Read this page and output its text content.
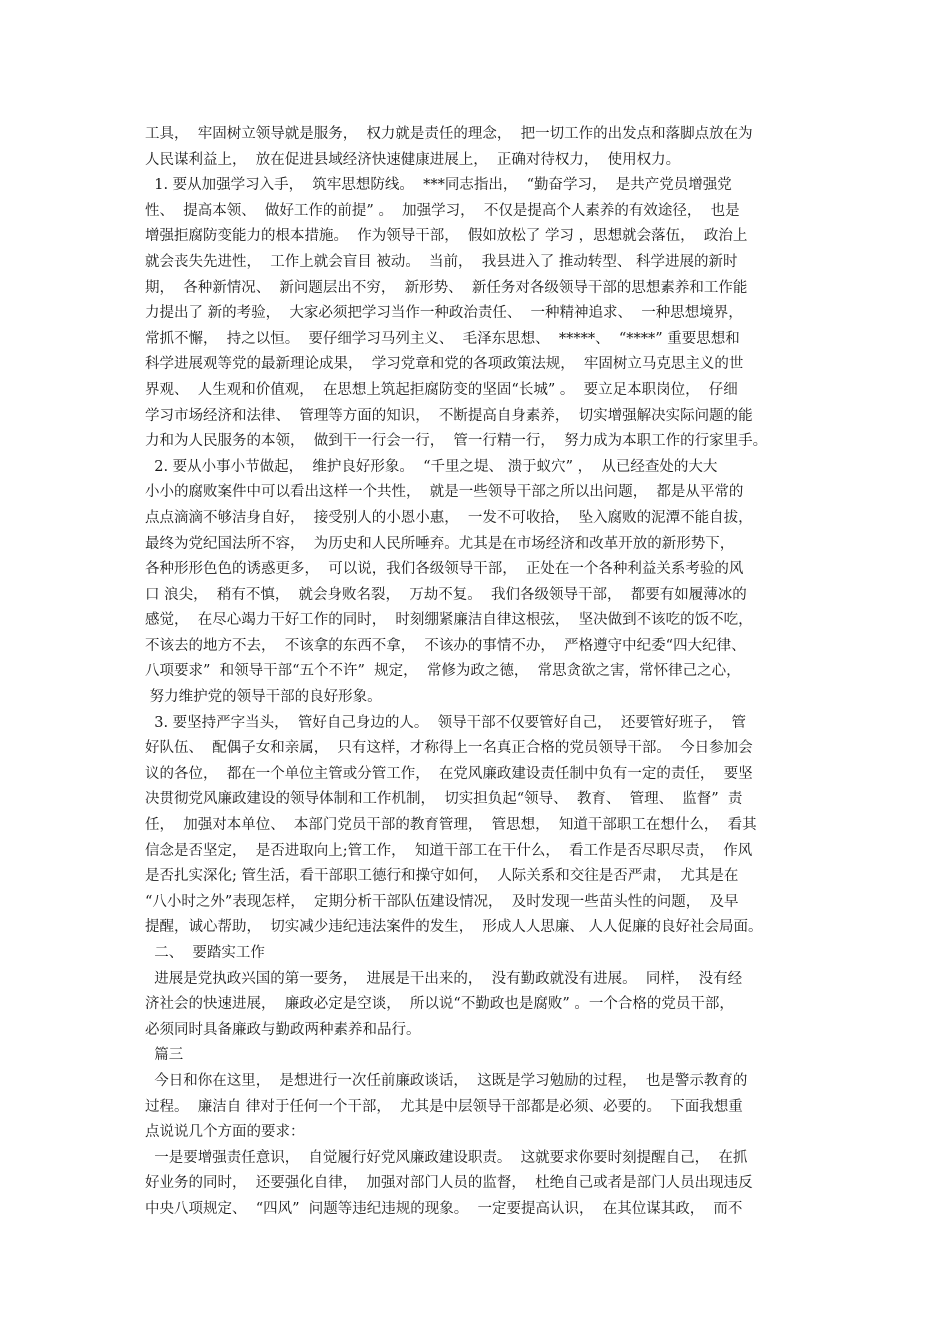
工具，  牢固树立领导就是服务，  权力就是责任的理念，  把一切工作的出发点和落脚点放在为
人民谋利益上，  放在促进县域经济快速健康进展上，  正确对待权力，  使用权力。
1. 要从加强学习入手，  筑牢思想防线。  ***同志指出，  “勤奋学习，  是共产党员增强党
性、  提高本领、  做好工作的前提” 。  加强学习，  不仅是提高个人素养的有效途径，  也是
增强拒腐防变能力的根本措施。  作为领导干部，  假如放松了 学习 ，思想就会落伍，  政治上
就会丧失先进性，  工作上就会盲目 被动。  当前，  我县进入了 推动转型、 科学进展的新时
期，  各种新情况、  新问题层出不穷，  新形势、  新任务对各级领导干部的思想素养和工作能
力提出了 新的考验，  大家必须把学习当作一种政治责任、  一种精神追求、  一种思想境界，
常抓不懈，  持之以恒。  要仔细学习马列主义、  毛泽东思想、  *****、  “****” 重要思想和
科学进展观等党的最新理论成果，  学习党章和党的各项政策法规，  牢固树立马克思主义的世
界观、  人生观和价值观，  在思想上筑起拒腐防变的坚固“长城” 。  要立足本职岗位，  仔细
学习市场经济和法律、  管理等方面的知识，  不断提高自身素养，  切实增强解决实际问题的能
力和为人民服务的本领，  做到干一行会一行，  管一行精一行，  努力成为本职工作的行家里手。
2. 要从小事小节做起，  维护良好形象。  “千里之堤、 溃于蚁穴” ，  从已经查处的大大
小小的腐败案件中可以看出这样一个共性，  就是一些领导干部之所以出问题，  都是从平常的
点点滴滴不够洁身自好，  接受别人的小恩小惠，  一发不可收拾，  坠入腐败的泥潭不能自拔，
最终为党纪国法所不容，  为历史和人民所唾弃。尤其是在市场经济和改革开放的新形势下，
各种形形色色的诱惑更多，  可以说，我们各级领导干部，  正处在一个各种利益关系考验的风
口 浪尖，  稍有不慎，  就会身败名裂，  万劫不复。  我们各级领导干部，  都要有如履薄冰的
感觉，  在尽心竭力干好工作的同时，  时刻绷紧廉洁自律这根弦，  坚决做到不该吃的饭不吃，
不该去的地方不去，  不该拿的东西不拿，  不该办的事情不办，  严格遵守中纪委“四大纪律、
八项要求”  和领导干部“五个不许”  规定，  常修为政之德，  常思贪欲之害，常怀律己之心，
努力维护党的领导干部的良好形象。
3. 要坚持严字当头，  管好自己身边的人。  领导干部不仅要管好自己，  还要管好班子，  管
好队伍、  配偶子女和亲属，  只有这样，才称得上一名真正合格的党员领导干部。  今日参加会
议的各位，  都在一个单位主管或分管工作，  在党风廉政建设责任制中负有一定的责任，  要坚
决贯彻党风廉政建设的领导体制和工作机制，  切实担负起“领导、  教育、  管理、  监督”  责
任，  加强对本单位、  本部门党员干部的教育管理，  管思想，  知道干部职工在想什么，  看其
信念是否坚定，  是否进取向上;管工作，  知道干部工在干什么，  看工作是否尽职尽责，  作风
是否扎实深化; 管生活，看干部职工德行和操守如何，  人际关系和交往是否严肃，  尤其是在
“八小时之外”表现怎样，  定期分析干部队伍建设情况，  及时发现一些苗头性的问题，  及早
提醒，诚心帮助，  切实减少违纪违法案件的发生，  形成人人思廉、 人人促廉的良好社会局面。
二、  要踏实工作
进展是党执政兴国的第一要务，  进展是干出来的，  没有勤政就没有进展。  同样，  没有经
济社会的快速进展，  廉政必定是空谈，  所以说“不勤政也是腐败” 。一个合格的党员干部，
必须同时具备廉政与勤政两种素养和品行。
篇三
今日和你在这里，  是想进行一次任前廉政谈话，  这既是学习勉励的过程，  也是警示教育的
过程。  廉洁自 律对于任何一个干部，  尤其是中层领导干部都是必须、必要的。  下面我想重
点说说几个方面的要求：
一是要增强责任意识，  自觉履行好党风廉政建设职责。  这就要求你要时刻提醒自己，  在抓
好业务的同时，  还要强化自律，  加强对部门人员的监督，  杜绝自己或者是部门人员出现违反
中央八项规定、  “四风”  问题等违纪违规的现象。  一定要提高认识，  在其位谋其政，  而不
